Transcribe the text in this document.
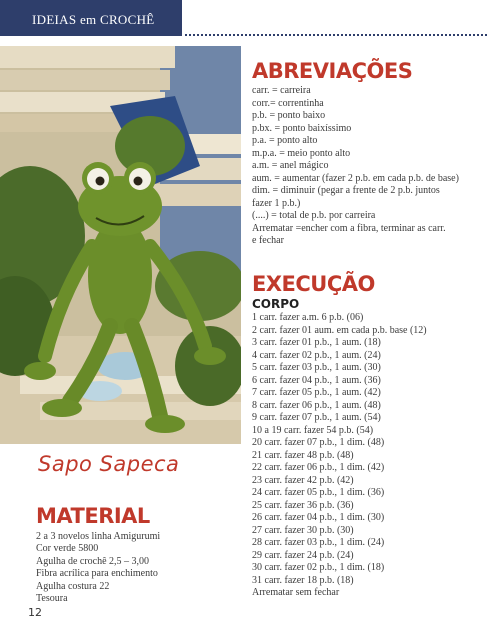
IDEIAS em CROCHÊ
ABREVIAÇÕES
carr. = carreira
corr.= correntinha
p.b. = ponto baixo
p.bx. = ponto baixíssimo
p.a. = ponto alto
m.p.a. = meio ponto alto
a.m. = anel mágico
aum. = aumentar (fazer 2 p.b. em cada p.b. de base)
dim. = diminuir (pegar a frente de 2 p.b. juntos
fazer 1 p.b.)
(....) = total de p.b. por carreira
Arrematar =encher com a fibra, terminar as carr.
e fechar
EXECUÇÃO
CORPO
1 carr. fazer a.m. 6 p.b. (06)
2 carr. fazer 01 aum. em cada p.b. base (12)
3 carr. fazer 01 p.b., 1 aum. (18)
4 carr. fazer 02 p.b., 1 aum. (24)
5 carr. fazer 03 p.b., 1 aum. (30)
6 carr. fazer 04 p.b., 1 aum. (36)
7 carr. fazer 05 p.b., 1 aum. (42)
8 carr. fazer 06 p.b., 1 aum. (48)
9 carr. fazer 07 p.b., 1 aum. (54)
10 a 19 carr. fazer 54 p.b. (54)
20 carr. fazer 07 p.b., 1 dim. (48)
21 carr. fazer 48 p.b. (48)
22 carr. fazer 06 p.b., 1 dim. (42)
23 carr. fazer 42 p.b. (42)
24 carr. fazer 05 p.b., 1 dim. (36)
25 carr. fazer 36 p.b. (36)
26 carr. fazer 04 p.b., 1 dim. (30)
27 carr. fazer 30 p.b. (30)
28 carr. fazer 03 p.b., 1 dim. (24)
29 carr. fazer 24 p.b. (24)
30 carr. fazer 02 p.b., 1 dim. (18)
31 carr. fazer 18 p.b. (18)
Arrematar sem fechar
Sapo Sapeca
MATERIAL
2 a 3 novelos linha Amigurumi
Cor verde 5800
Agulha de crochê 2,5 – 3,00
Fibra acrílica para enchimento
Agulha costura 22
Tesoura
12
